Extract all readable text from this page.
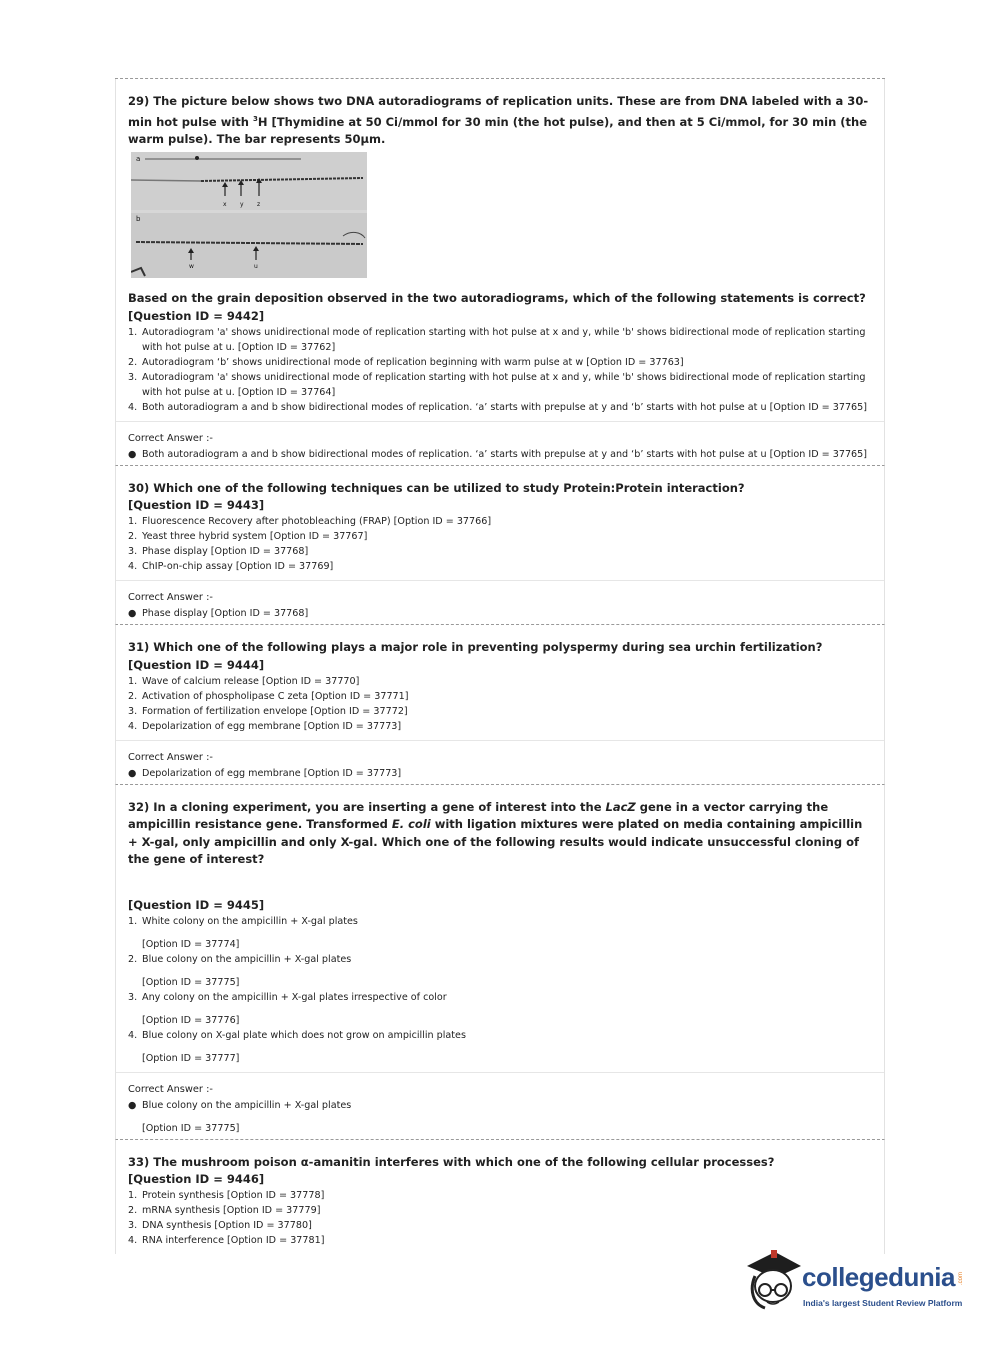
29) The picture below shows two DNA autoradiograms of replication units. These are from DNA labeled with a 30-min hot pulse with $^3$H [Thymidine at 50 Ci/mmol for 30 min (the hot pulse), and then at 5 Ci/mmol, for 30 min (the warm pulse). The bar represents 50μm.
a
b
x y z
w	u
Based on the grain deposition observed in the two autoradiograms, which of the following statements is correct?
[Question ID = 9442]
1. Autoradiogram 'a' shows unidirectional mode of replication starting with hot pulse at x and y, while 'b' shows bidirectional mode of replication starting with hot pulse at u. [Option ID = 37762]
2. Autoradiogram ‘b’ shows unidirectional mode of replication beginning with warm pulse at w [Option ID = 37763]
3. Autoradiogram 'a' shows unidirectional mode of replication starting with hot pulse at x and y, while 'b' shows bidirectional mode of replication starting with hot pulse at u. [Option ID = 37764]
4. Both autoradiogram a and b show bidirectional modes of replication. ‘a’ starts with prepulse at y and ‘b’ starts with hot pulse at u [Option ID = 37765]
Correct Answer :-
● Both autoradiogram a and b show bidirectional modes of replication. ‘a’ starts with prepulse at y and ‘b’ starts with hot pulse at u [Option ID = 37765]
30) Which one of the following techniques can be utilized to study Protein:Protein interaction?
[Question ID = 9443]
1. Fluorescence Recovery after photobleaching (FRAP) [Option ID = 37766]
2. Yeast three hybrid system [Option ID = 37767]
3. Phase display [Option ID = 37768]
4. ChIP-on-chip assay [Option ID = 37769]
Correct Answer :-
● Phase display [Option ID = 37768]
31) Which one of the following plays a major role in preventing polyspermy during sea urchin fertilization?
[Question ID = 9444]
1. Wave of calcium release [Option ID = 37770]
2. Activation of phospholipase C zeta [Option ID = 37771]
3. Formation of fertilization envelope [Option ID = 37772]
4. Depolarization of egg membrane [Option ID = 37773]
Correct Answer :-
● Depolarization of egg membrane [Option ID = 37773]
32) In a cloning experiment, you are inserting a gene of interest into the LacZ gene in a vector carrying the ampicillin resistance gene. Transformed E. coli with ligation mixtures were plated on media containing ampicillin + X-gal, only ampicillin and only X-gal. Which one of the following results would indicate unsuccessful cloning of the gene of interest?
[Question ID = 9445]
1. White colony on the ampicillin + X-gal plates
[Option ID = 37774]
2. Blue colony on the ampicillin + X-gal plates
[Option ID = 37775]
3. Any colony on the ampicillin + X-gal plates irrespective of color
[Option ID = 37776]
4. Blue colony on X-gal plate which does not grow on ampicillin plates
[Option ID = 37777]
Correct Answer :-
● Blue colony on the ampicillin + X-gal plates
[Option ID = 37775]
33) The mushroom poison α-amanitin interferes with which one of the following cellular processes?
[Question ID = 9446]
1. Protein synthesis [Option ID = 37778]
2. mRNA synthesis [Option ID = 37779]
3. DNA synthesis [Option ID = 37780]
4. RNA interference [Option ID = 37781]
collegedunia .com
India's largest Student Review Platform
